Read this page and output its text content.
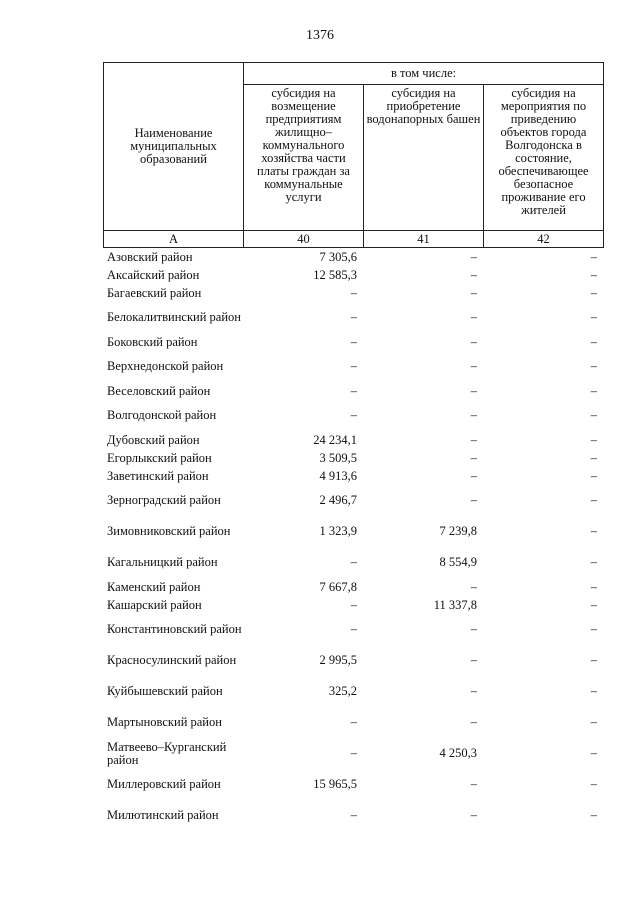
1376
Наименование муниципальных образований	в том числе:		
	субсидия на возмещение предприятиям жилищно–коммунального хозяйства части платы граждан за коммунальные услуги	субсидия на приобретение водонапорных башен	субсидия на мероприятия по приведению объектов города Волгодонска в состояние, обеспечивающее безопасное проживание его жителей
А	40	41	42
Азовский район	7 305,6	–	–
Аксайский район	12 585,3	–	–
Багаевский район	–	–	–
Белокалитвинский район	–	–	–
Боковский район	–	–	–
Верхнедонской район	–	–	–
Веселовский район	–	–	–
Волгодонской район	–	–	–
Дубовский район	24 234,1	–	–
Егорлыкский район	3 509,5	–	–
Заветинский район	4 913,6	–	–
Зерноградский район	2 496,7	–	–
Зимовниковский район	1 323,9	7 239,8	–
Кагальницкий район	–	8 554,9	–
Каменский район	7 667,8	–	–
Кашарский район	–	11 337,8	–
Константиновский район	–	–	–
Красносулинский район	2 995,5	–	–
Куйбышевский район	325,2	–	–
Мартыновский район	–	–	–
Матвеево–Курганский район	–	4 250,3	–
Миллеровский район	15 965,5	–	–
Милютинский район	–	–	–
